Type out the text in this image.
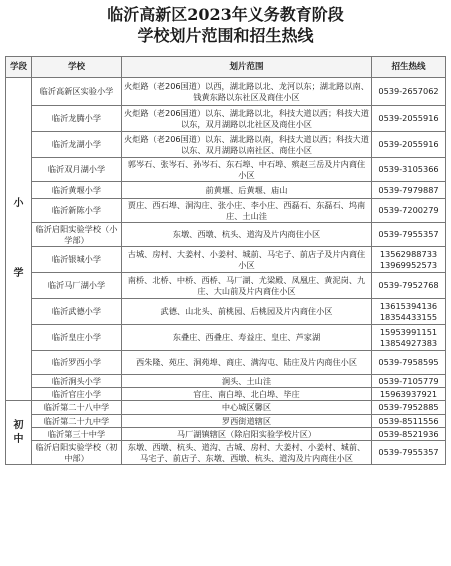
临沂高新区2023年义务教育阶段
学校划片范围和招生热线
学段	学校	划片范围	招生热线
小

学	临沂高新区实验小学	火炬路（老206国道）以西，湖北路以北、龙河以东；湖北路以南、钱黄东路以东社区及商住小区	0539-2657062
	临沂龙腾小学	火炬路（老206国道）以东、湖北路以北，科技大道以西；科技大道以东，双月湖路以北社区及商住小区	0539-2055916
	临沂龙湖小学	火炬路（老206国道）以东、湖北路以南，科技大道以西；科技大道以东、双月湖路以南社区、商住小区	0539-2055916
	临沂双月湖小学	郭岑石、张岑石、孙岑石、东石埠、中石埠、殡赵三岳及片内商住小区	0539-3105366
	临沂黄堰小学	前黄堰、后黄堰、庙山	0539-7979887
	临沂新陈小学	贾庄、西石埠、洞沟庄、张小庄、李小庄、西磊石、东磊石、坞南庄、土山洼	0539-7200279
	临沂启阳实验学校（小学部）	东墩、西墩、杭头、道沟及片内商住小区	0539-7955357
	临沂银城小学	古城、房村、大姜村、小姜村、城前、马宅子、前店子及片内商住小区	13562988733
13969952573
	临沂马厂湖小学	南桥、北桥、中桥、西桥、马厂湖、尤梁殿、凤凰庄、黄泥岗、九庄、大山前及片内商住小区	0539-7952768
	临沂武德小学	武德、山北头、前桃园、后桃园及片内商住小区	13615394136
18354433155
	临沂皇庄小学	东叠庄、西叠庄、寿益庄、皇庄、芦家湖	15953991151
13854927383
	临沂罗西小学	西朱隆、苑庄、洞苑埠、商庄、满沟屯、陆庄及片内商住小区	0539-7958595
	临沂涧头小学	涧头、土山洼	0539-7105779
	临沂官庄小学	官庄、南白埠、北白埠、毕庄	15963937921
初
中	临沂第二十八中学	中心城区馨区	0539-7952885
	临沂第二十九中学	罗西街道辖区	0539-8511556
	临沂第三十中学	马厂湖镇辖区（除启阳实验学校片区）	0539-8521936
	临沂启阳实验学校（初中部）	东墩、西墩、杭头、道沟、古城、房村、大姜村、小姜村、城前、马宅子、前店子、东墩、西墩、杭头、道沟及片内商住小区	0539-7955357
